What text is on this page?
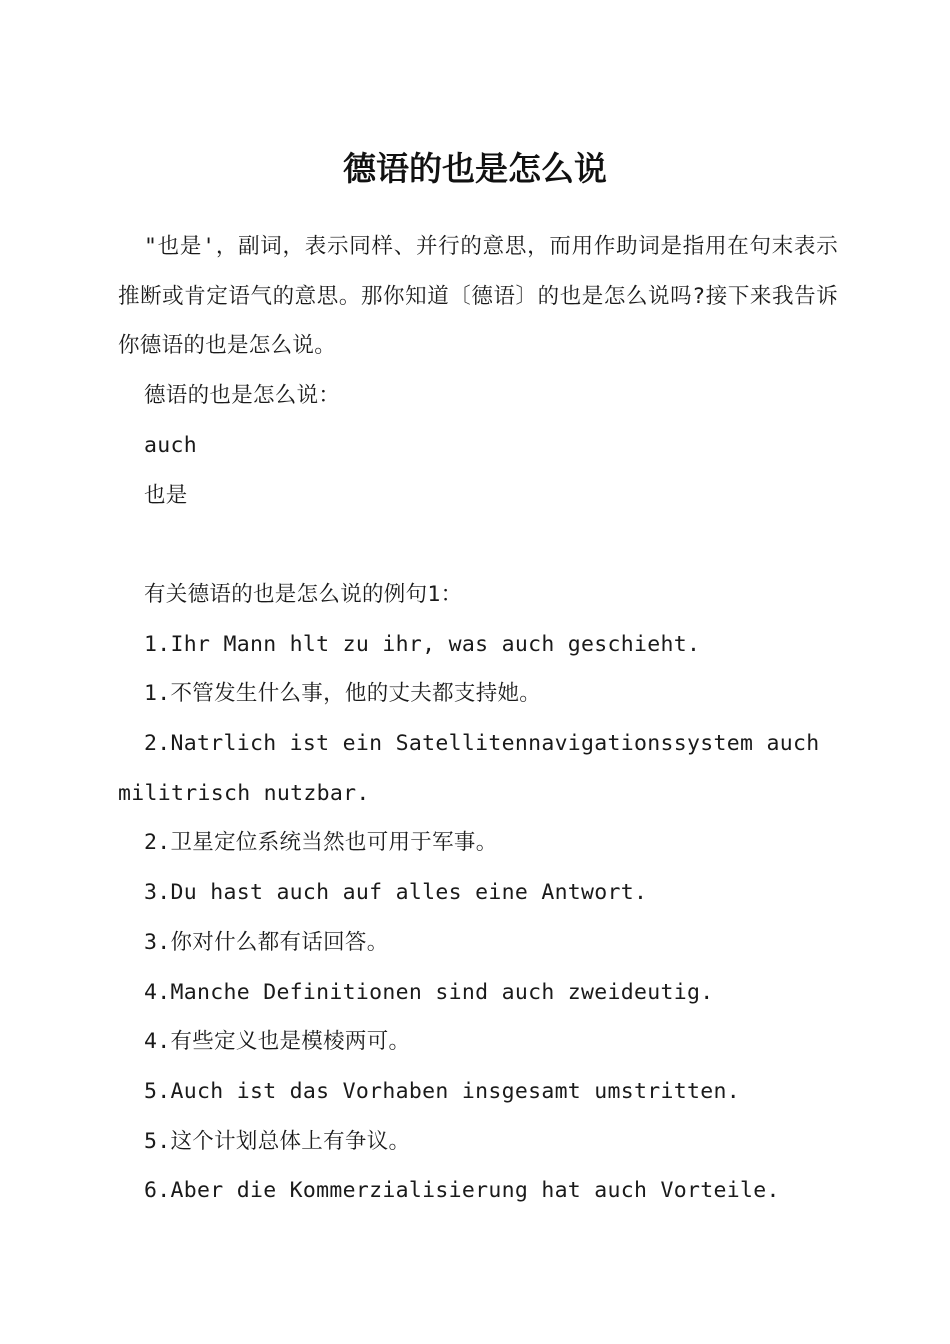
德语的也是怎么说

"也是'，副词，表示同样、并行的意思，而用作助词是指用在句末表示推断或肯定语气的意思。那你知道〔德语〕的也是怎么说吗?接下来我告诉你德语的也是怎么说。

德语的也是怎么说：

auch

也是

有关德语的也是怎么说的例句1：

1.Ihr Mann hlt zu ihr, was auch geschieht.

1.不管发生什么事，他的丈夫都支持她。

2.Natrlich ist ein Satellitennavigationssystem auch militrisch nutzbar.

2.卫星定位系统当然也可用于军事。

3.Du hast auch auf alles eine Antwort.

3.你对什么都有话回答。

4.Manche Definitionen sind auch zweideutig.

4.有些定义也是模棱两可。

5.Auch ist das Vorhaben insgesamt umstritten.

5.这个计划总体上有争议。

6.Aber die Kommerzialisierung hat auch Vorteile.
